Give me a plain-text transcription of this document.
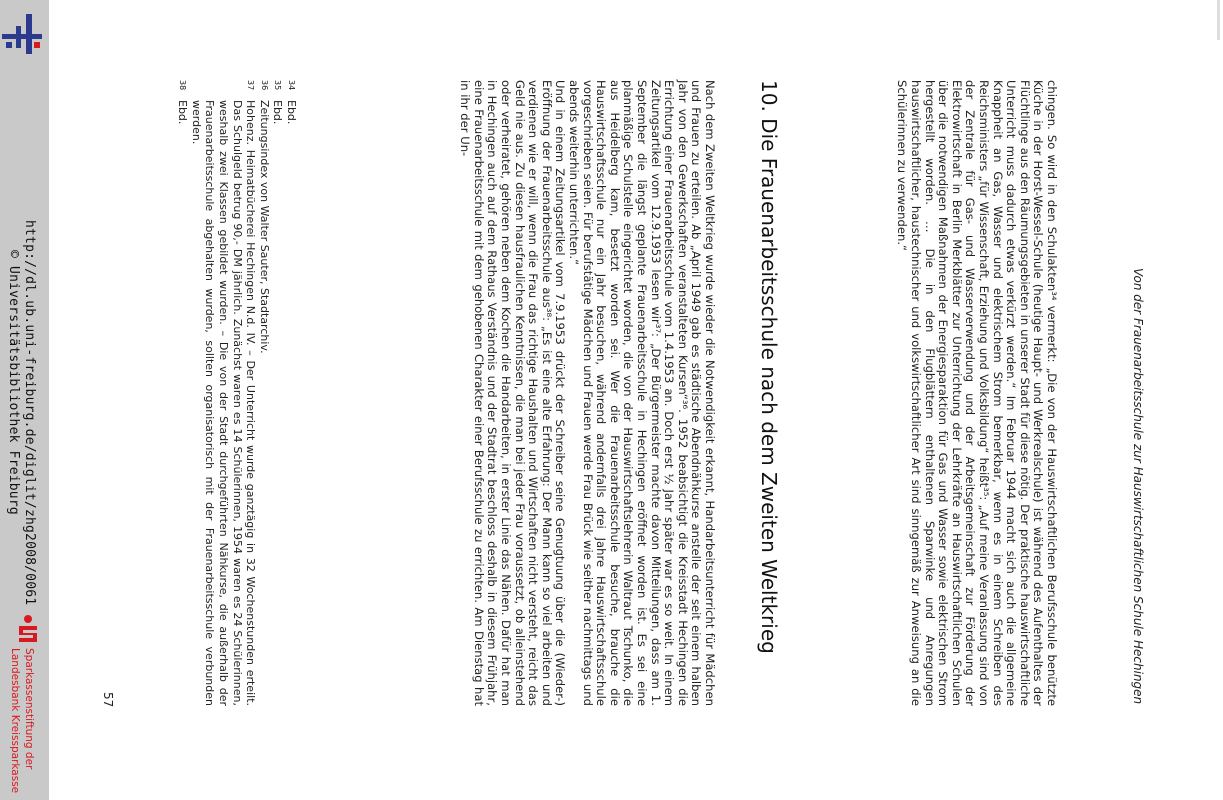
http://dl.ub.uni-freiburg.de/diglit/zhg2008/0061
© Universitätsbibliothek Freiburg
Sparkassenstiftung der
Landesbank Kreissparkasse
Von der Frauenarbeitsschule zur Hauswirtschaftlichen Schule Hechingen

chingen. So wird in den Schulakten³⁴ vermerkt: „Die von der Hauswirtschaftlichen Berufsschule benützte Küche in der Horst-Wessel-Schule (heutige Haupt- und Werkrealschule) ist während des Aufenthaltes der Flüchtlinge aus den Räumungsgebieten in unserer Stadt für diese nötig. Der praktische hauswirtschaftliche Unterricht muss dadurch etwas verkürzt werden.“ Im Februar 1944 macht sich auch die allgemeine Knappheit an Gas, Wasser und elektrischem Strom bemerkbar, wenn es in einem Schreiben des Reichsministers „für Wissenschaft, Erziehung und Volksbildung“ heißt³⁵: „Auf meine Veranlassung sind von der Zentrale für Gas- und Wasserverwendung und der Arbeitsgemeinschaft zur Förderung der Elektrowirtschaft in Berlin Merkblätter zur Unterrichtung der Lehrkräfte an Hauswirtschaftlichen Schulen über die notwendigen Maßnahmen der Energiesparaktion für Gas und Wasser sowie elektrischen Strom hergestellt worden. … Die in den Flugblättern enthaltenen Sparwinke und Anregungen hauswirtschaftlicher, haustechnischer und volkswirtschaftlicher Art sind sinngemäß zur Anweisung an die Schülerinnen zu verwenden.“

10. Die Frauenarbeitsschule nach dem Zweiten Weltkrieg

Nach dem Zweiten Weltkrieg wurde wieder die Notwendigkeit erkannt, Handarbeitsunterricht für Mädchen und Frauen zu erteilen. Ab „April 1949 gab es städtische Abendnähkurse anstelle der seit einem halben Jahr von den Gewerkschaften veranstalteten Kursen“³⁶. 1952 beabsichtigt die Kreisstadt Hechingen die Errichtung einer Frauenarbeitsschule vom 1.4.1953 an. Doch erst ½ Jahr später war es so weit. In einem Zeitungsartikel vom 12.9.1953 lesen wir³⁷: „Der Bürgermeister machte davon Mitteilungen, dass am 1. September die längst geplante Frauenarbeitsschule in Hechingen eröffnet worden ist. Es sei eine planmäßige Schulstelle eingerichtet worden, die von der Hauswirtschaftslehrerin Waltraut Tschunko, die aus Heidelberg kam, besetzt worden sei. Wer die Frauenarbeitsschule besuche, brauche die Hauswirtschaftsschule nur ein Jahr besuchen, während andernfalls drei Jahre Hauswirtschaftsschule vorgeschrieben seien. Für berufstätige Mädchen und Frauen werde Frau Brück wie seither nachmittags und abends weiterhin unterrichten.“

Und in einem Zeitungsartikel vom 7.9.1953 drückt der Schreiber seine Genugtuung über die (Wieder-) Eröffnung der Frauenarbeitsschule aus³⁸: „Es ist eine alte Erfahrung: Der Mann kann so viel arbeiten und verdienen wie er will, wenn die Frau das richtige Haushalten und Wirtschaften nicht versteht, reicht das Geld nie aus. Zu diesen hausfraulichen Kenntnissen, die man bei jeder Frau voraussetzt, ob alleinstehend oder verheiratet, gehören neben dem Kochen die Handarbeiten, in erster Linie das Nähen. Dafür hat man in Hechingen auch auf dem Rathaus Verständnis und der Stadtrat beschloss deshalb in diesem Frühjahr, eine Frauenarbeitsschule mit dem gehobenen Charakter einer Berufsschule zu errichten. Am Dienstag hat in ihr der Un-

34
Ebd.
35
Ebd.
36
Zeitungsindex von Walter Sauter, Stadtarchiv.
37
Hohenz. Heimatbücherei Hechingen N.d. IV. – Der Unterricht wurde ganztägig in 32 Wochenstunden erteilt. Das Schulgeld betrug 90,- DM jährlich. Zunächst waren es 14 Schülerinnen, 1954 waren es 24 Schülerinnen, weshalb zwei Klassen gebildet wurden. – Die von der Stadt durchgeführten Nähkurse, die außerhalb der Frauenarbeitsschule abgehalten wurden, sollten organisatorisch mit der Frauenarbeitsschule verbunden werden.
38
Ebd.
57
